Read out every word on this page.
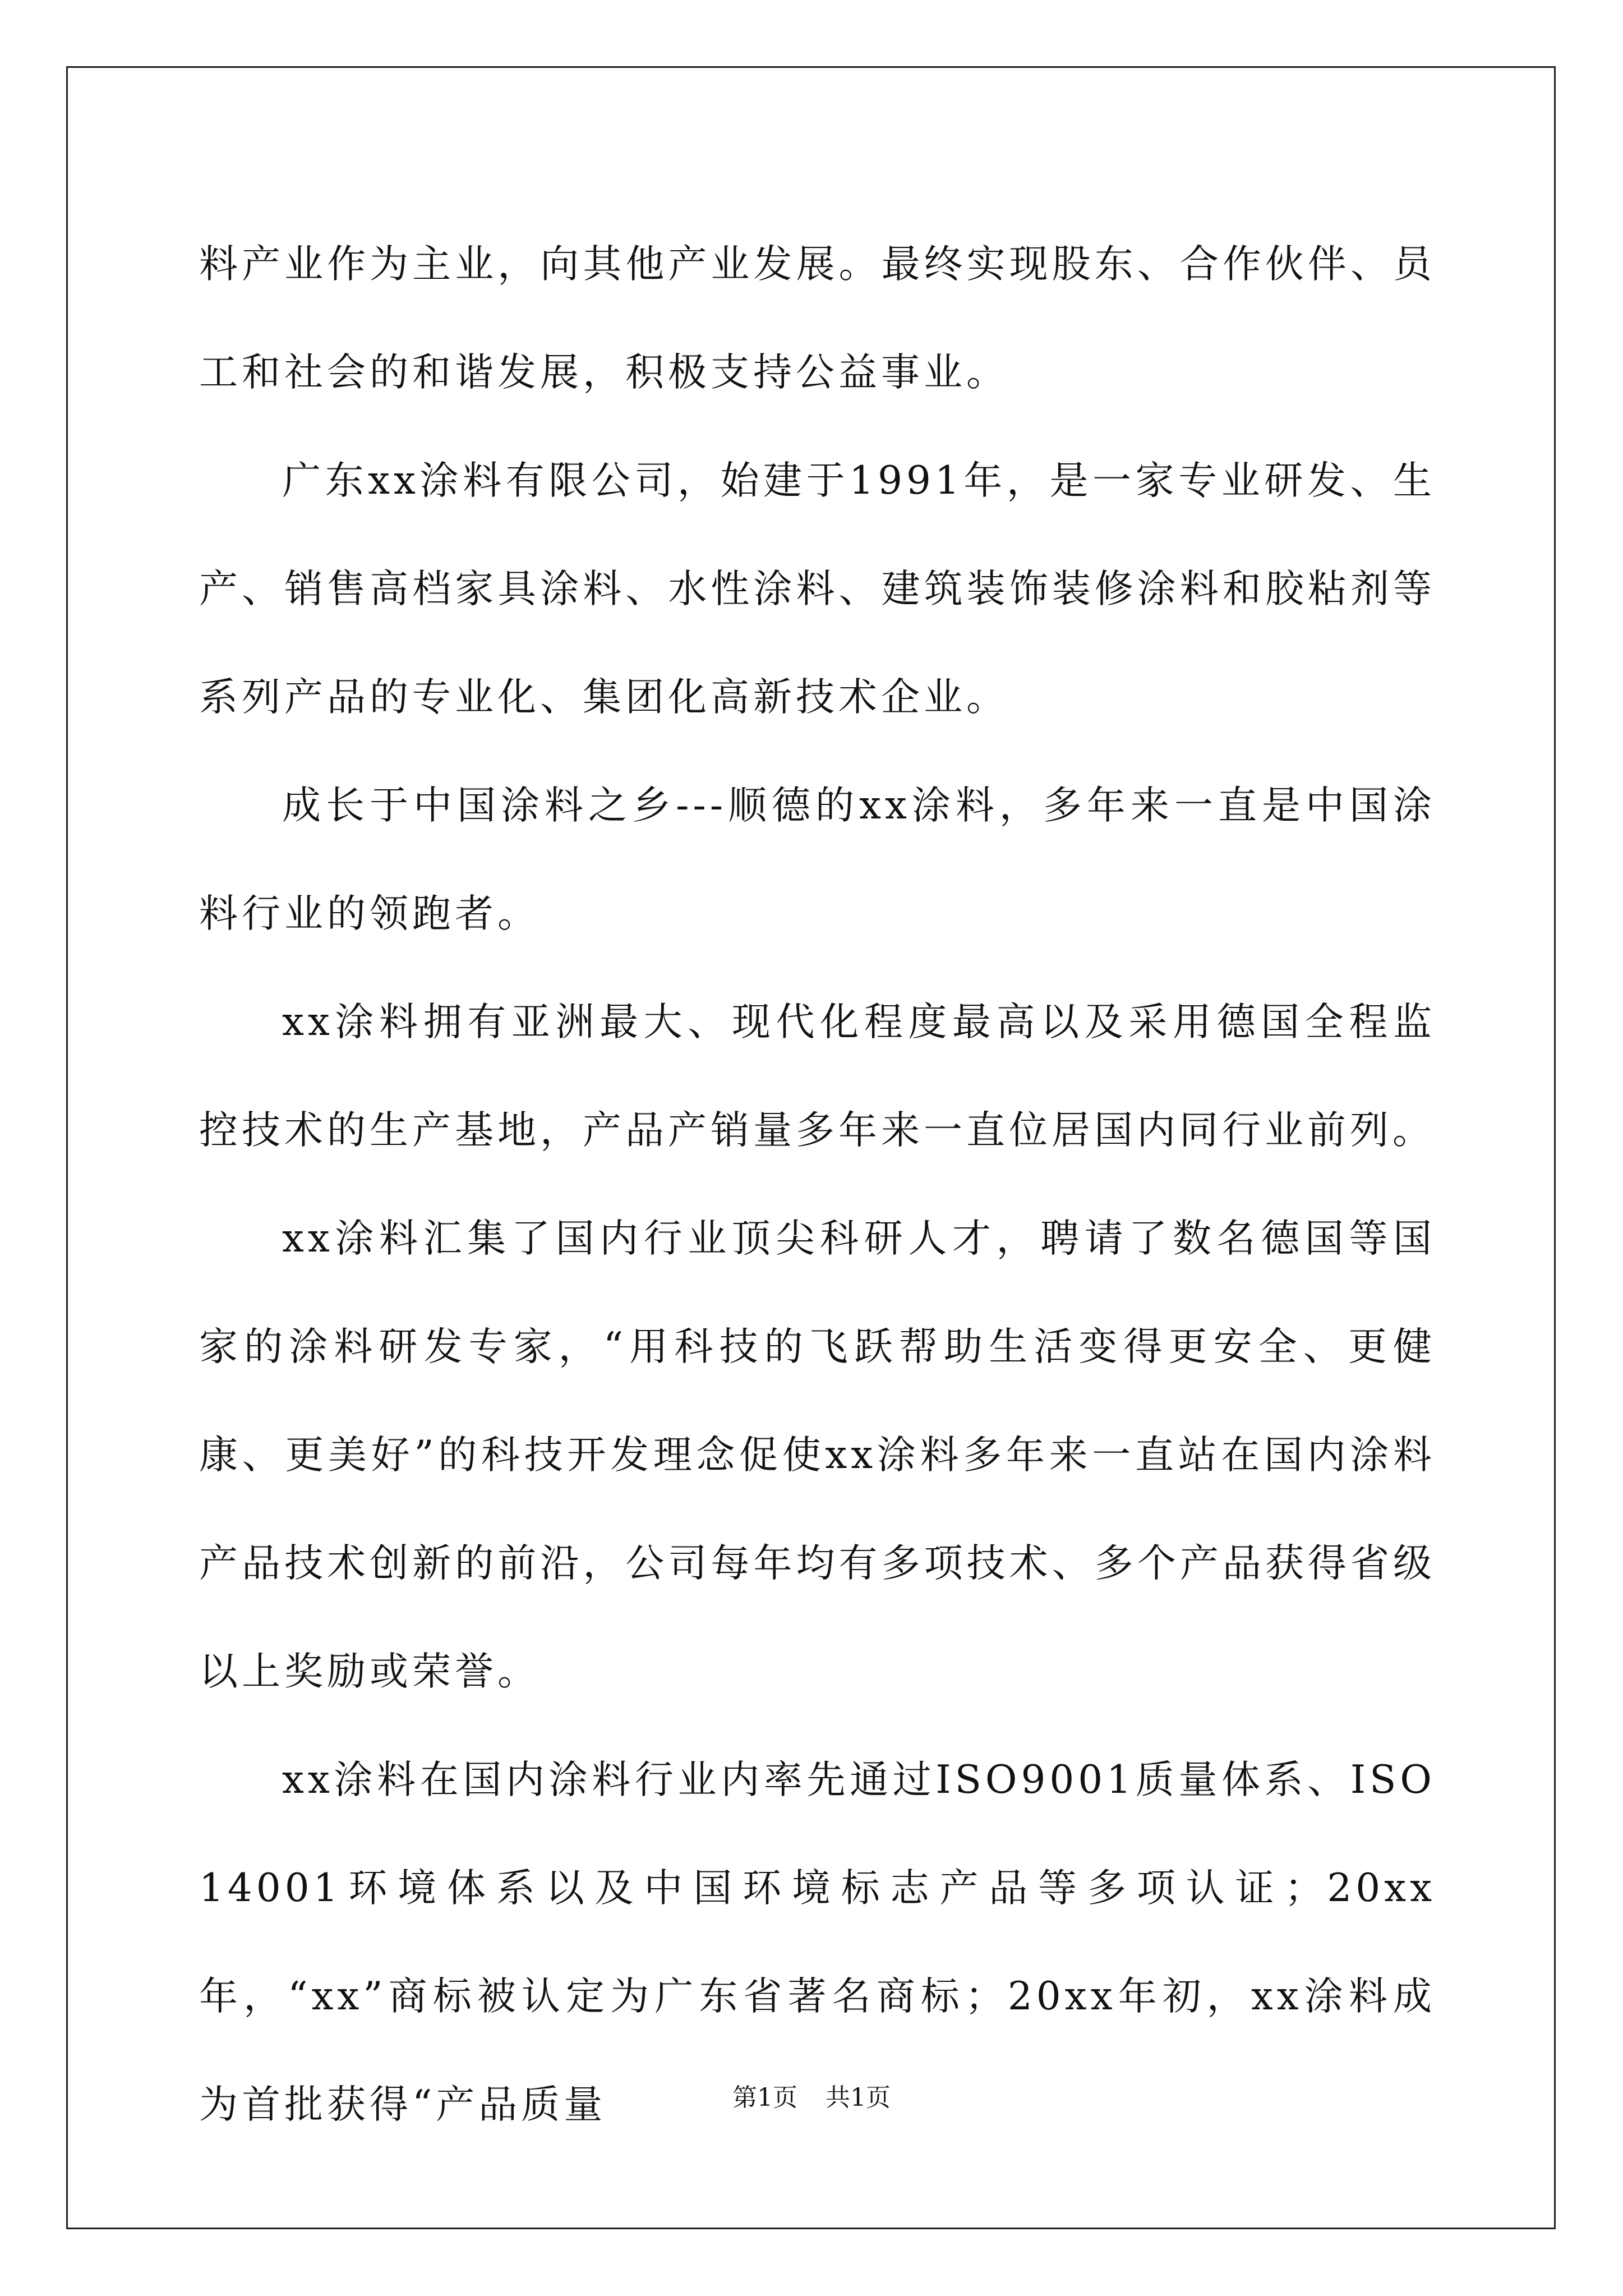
料产业作为主业，向其他产业发展。最终实现股东、合作伙伴、员工和社会的和谐发展，积极支持公益事业。

广东xx涂料有限公司，始建于1991年，是一家专业研发、生产、销售高档家具涂料、水性涂料、建筑装饰装修涂料和胶粘剂等系列产品的专业化、集团化高新技术企业。

成长于中国涂料之乡---顺德的xx涂料，多年来一直是中国涂料行业的领跑者。

xx涂料拥有亚洲最大、现代化程度最高以及采用德国全程监控技术的生产基地，产品产销量多年来一直位居国内同行业前列。

xx涂料汇集了国内行业顶尖科研人才，聘请了数名德国等国家的涂料研发专家，“用科技的飞跃帮助生活变得更安全、更健康、更美好”的科技开发理念促使xx涂料多年来一直站在国内涂料产品技术创新的前沿，公司每年均有多项技术、多个产品获得省级以上奖励或荣誉。

xx涂料在国内涂料行业内率先通过ISO9001质量体系、ISO14001环境体系以及中国环境标志产品等多项认证；20xx年，“xx”商标被认定为广东省著名商标；20xx年初，xx涂料成为首批获得“产品质量	第1页 共1页
